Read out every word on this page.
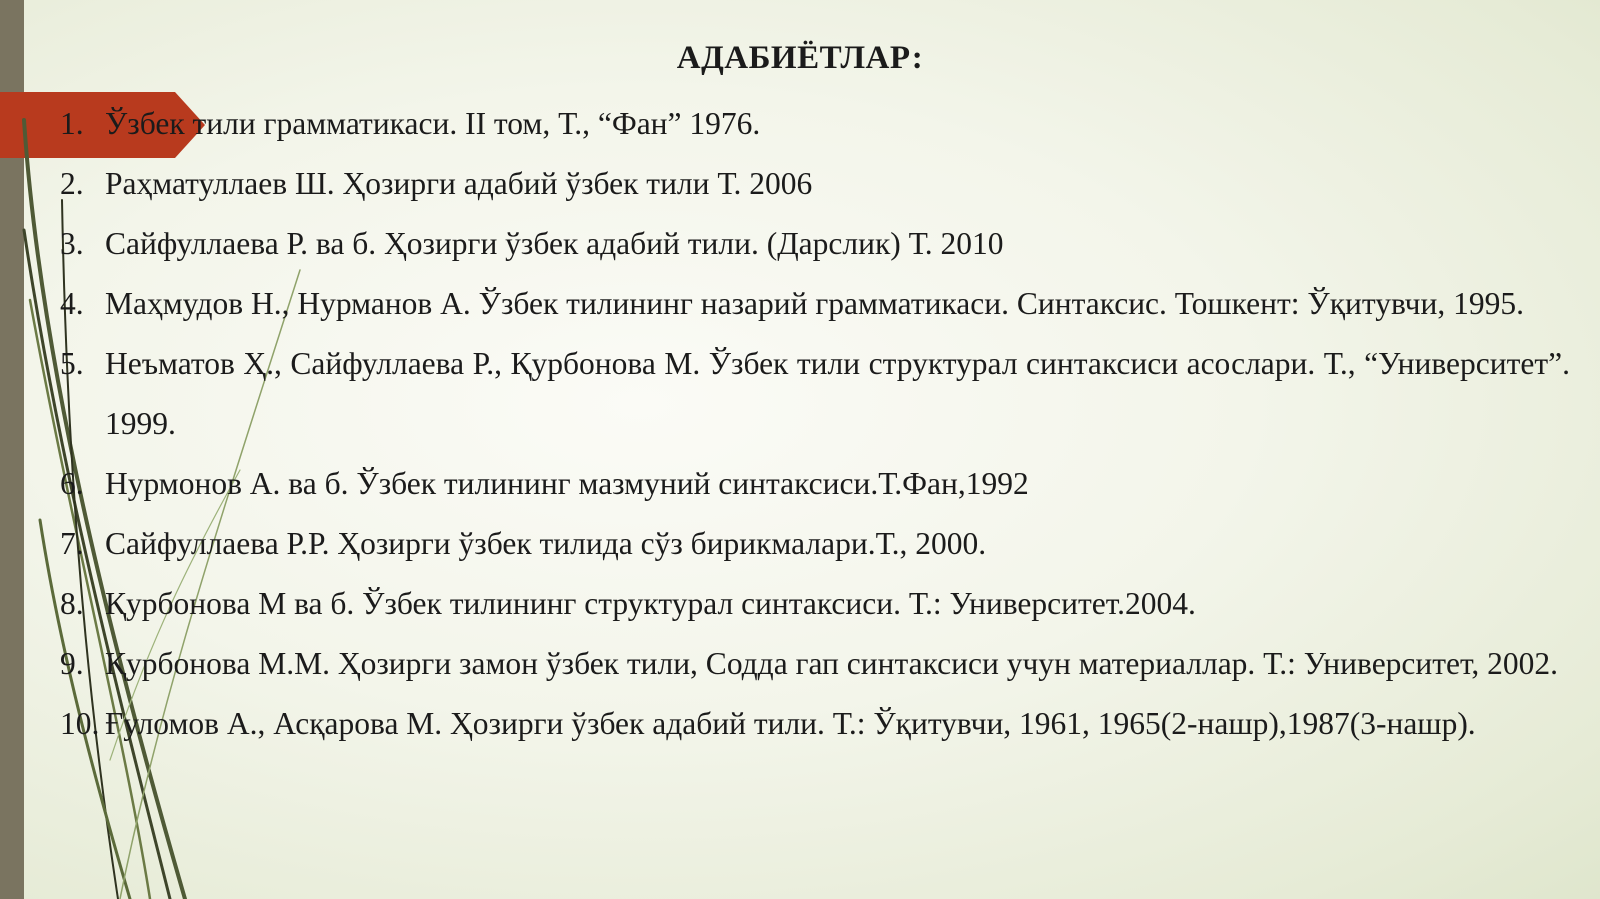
АДАБИЁТЛАР:
1. Ўзбек тили грамматикаси. II том, Т., “Фан” 1976.
2. Раҳматуллаев Ш. Ҳозирги адабий ўзбек тили Т. 2006
3. Сайфуллаева Р. ва б. Ҳозирги ўзбек адабий тили. (Дарслик) Т. 2010
4. Маҳмудов Н., Нурманов А. Ўзбек тилининг назарий грамматикаси. Синтаксис. Тошкент: Ўқитувчи, 1995.
5. Неъматов Ҳ., Сайфуллаева Р., Қурбонова М. Ўзбек тили структурал синтаксиси асослари. Т., “Университет”. 1999.
6. Нурмонов А. ва б. Ўзбек тилининг мазмуний синтаксиси.Т.Фан,1992
7. Сайфуллаева Р.Р. Ҳозирги ўзбек тилида сўз бирикмалари.Т., 2000.
8. Қурбонова М ва б. Ўзбек тилининг структурал синтаксиси. Т.: Университет.2004.
9. Қурбонова М.М. Ҳозирги замон ўзбек тили, Содда гап синтаксиси учун материаллар. Т.: Университет, 2002.
10. Ғуломов А., Асқарова М. Ҳозирги ўзбек адабий тили. Т.: Ўқитувчи, 1961, 1965(2-нашр),1987(3-нашр).
